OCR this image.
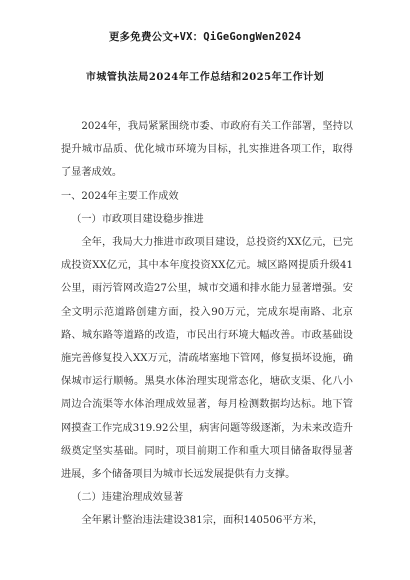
更多免费公文+VX：QiGeGongWen2024
市城管执法局2024年工作总结和2025年工作计划

2024年，我局紧紧围绕市委、市政府有关工作部署，坚持以提升城市品质、优化城市环境为目标，扎实推进各项工作，取得了显著成效。

一、2024年主要工作成效

（一）市政项目建设稳步推进

全年，我局大力推进市政项目建设，总投资约XX亿元，已完成投资XX亿元，其中本年度投资XX亿元。城区路网提质升级41公里，雨污管网改造27公里，城市交通和排水能力显著增强。安全文明示范道路创建方面，投入90万元，完成东堤南路、北京路、城东路等道路的改造，市民出行环境大幅改善。市政基础设施完善修复投入XX万元，清疏堵塞地下管网，修复损坏设施，确保城市运行顺畅。黑臭水体治理实现常态化，塘砍支渠、化八小周边合流渠等水体治理成效显著，每月检测数据均达标。地下管网摸查工作完成319.92公里，病害问题等级逐渐，为未来改造升级奠定坚实基础。同时，项目前期工作和重大项目储备取得显著进展，多个储备项目为城市长远发展提供有力支撑。

（二）违建治理成效显著

全年累计整治违法建设381宗，面积140506平方米，
